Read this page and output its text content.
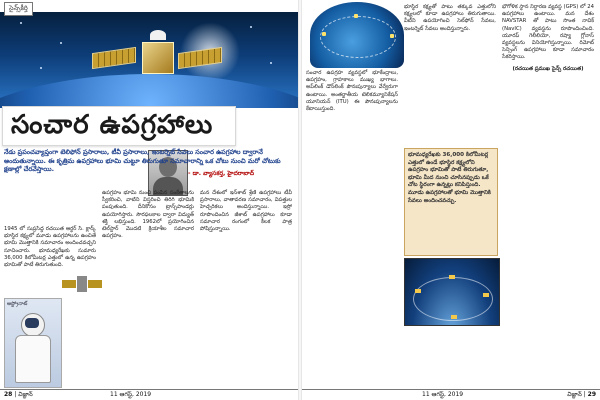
సైన్స్‌కీర్తి
సంచార ఉపగ్రహాలు
- డా. వ్యాసకర్త, హైదరాబాద్
నేడు ప్రపంచవ్యాప్తంగా టెలిఫోన్ ప్రసారాలు, టీవీ ప్రసారాలు, ఇంటర్నెట్ సేవలు సంచార ఉపగ్రహాల ద్వారానే అందుతున్నాయి. ఈ కృత్రిమ ఉపగ్రహాలు భూమి చుట్టూ తిరుగుతూ సమాచారాన్ని ఒక చోటు నుంచి మరో చోటుకు క్షణాల్లో చేరవేస్తాయి.
1945 లో సుప్రసిద్ధ రచయిత ఆర్థర్ సి. క్లార్క్ భూస్థిర కక్ష్యలో మూడు ఉపగ్రహాలను ఉంచితే భూమి మొత్తానికి సమాచారం అందించవచ్చని సూచించారు. భూమధ్యరేఖకు సుమారు 36,000 కిలోమీటర్ల ఎత్తులో ఉన్న ఉపగ్రహం భూమితో పాటే తిరుగుతుంది.
ఉపగ్రహం భూమి నుంచి పంపిన సంకేతాలను స్వీకరించి, వాటిని విస్తరించి తిరిగి భూమికి పంపుతుంది. దీనికోసం ట్రాన్స్‌పాండర్లు ఉపయోగిస్తారు. సౌరఫలకాల ద్వారా విద్యుత్ శక్తి లభిస్తుంది. 1962లో ప్రయోగించిన టెల్‌స్టార్ మొదటి క్రియాశీల సమాచార ఉపగ్రహం.
మన దేశంలో ఇన్‌శాట్ శ్రేణి ఉపగ్రహాలు టీవీ ప్రసారాలు, వాతావరణ సమాచారం, విపత్తుల హెచ్చరికలు అందిస్తున్నాయి. ఇస్రో రూపొందించిన జీశాట్ ఉపగ్రహాలు కూడా సమాచార రంగంలో కీలక పాత్ర పోషిస్తున్నాయి.
ఆస్ట్రోనాట్
28 | విజ్ఞాన్	11 ఆగస్ట్, 2019
సంచార ఉపగ్రహ వ్యవస్థలో భూకేంద్రాలు, ఉపగ్రహం, గ్రాహకాలు ముఖ్య భాగాలు. అప్‌లింక్ డౌన్‌లింక్ పౌనఃపున్యాలు వేర్వేరుగా ఉంటాయి. అంతర్జాతీయ టెలికమ్యూనికేషన్ యూనియన్ (ITU) ఈ పౌనఃపున్యాలను కేటాయిస్తుంది.
భూస్థిర కక్ష్యతో పాటు తక్కువ ఎత్తులోని కక్ష్యలలో కూడా ఉపగ్రహాలు తిరుగుతాయి. వీటిని ఉపయోగించి సెల్‌ఫోన్ సేవలు, ఇంటర్నెట్ సేవలు అందిస్తున్నారు.
భూమధ్యరేఖకు 36,000 కిలోమీటర్ల ఎత్తులో ఉండే భూస్థిర కక్ష్యలోని ఉపగ్రహం భూమితో పాటే తిరుగుతూ, భూమి మీద నుంచి చూసినప్పుడు ఒకే చోట స్థిరంగా ఉన్నట్లు కనిపిస్తుంది. మూడు ఉపగ్రహాలతో భూమి మొత్తానికి సేవలు అందించవచ్చు.
భౌగోళిక స్థాన నిర్ధారణ వ్యవస్థ (GPS) లో 24 ఉపగ్రహాలు ఉంటాయి. మన దేశం NAVSTAR తో పాటు సొంత నావిక్ (NavIC) వ్యవస్థను రూపొందించింది. యూరప్ గెలీలియో, రష్యా గ్లోనాస్ వ్యవస్థలను వినియోగిస్తున్నాయి. రిమోట్ సెన్సింగ్ ఉపగ్రహాలు కూడా సమాచారం సేకరిస్తాయి.
(రచయిత ప్రముఖ సైన్స్ రచయిత)
11 ఆగస్ట్, 2019	విజ్ఞాన్ | 29
